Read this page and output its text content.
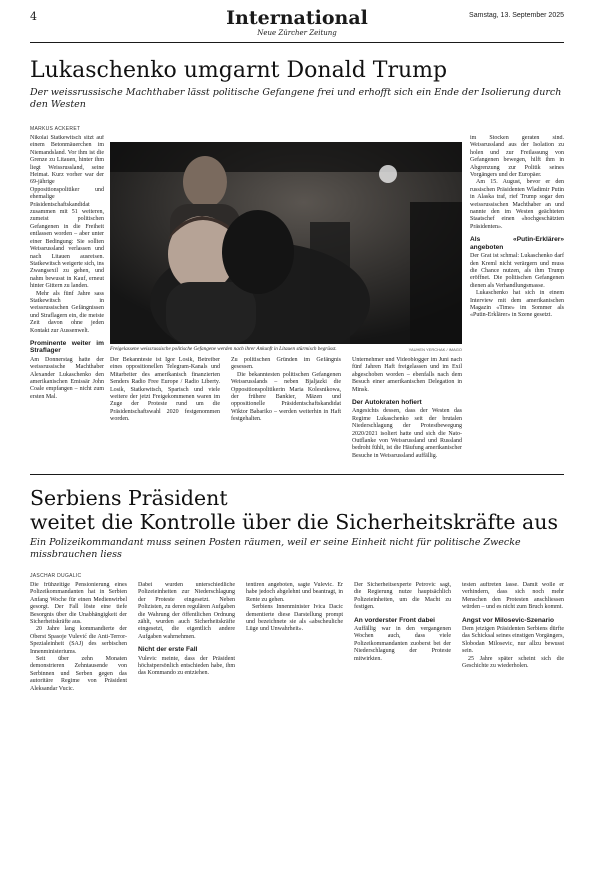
4	International
Neue Zürcher Zeitung
Samstag, 13. September 2025
Lukaschenko umgarnt Donald Trump

Der weissrussische Machthaber lässt politische Gefangene frei und erhofft sich ein Ende der Isolierung durch den Westen

MARKUS ACKERET

Nikolai Statkewitsch sitzt auf einem Betonmäuerchen im Niemandsland. Vor ihm ist die Grenze zu Litauen, hinter ihm liegt Weissrussland, seine Heimat. Kurz vorher war der 69-jährige Oppositionspolitiker und ehemalige Präsidentschaftskandidat zusammen mit 51 weiteren, zumeist politischen Gefangenen in die Freiheit entlassen worden – aber unter einer Bedingung: Sie sollten Weissrussland verlassen und nach Litauen ausreisen. Statkewitsch weigerte sich, ins Zwangsexil zu gehen, und nahm bewusst in Kauf, erneut hinter Gittern zu landen.

Mehr als fünf Jahre sass Statkewitsch in weissrussischen Gefängnissen und Straflagern ein, die meiste Zeit davon ohne jeden Kontakt zur Aussenwelt.

Prominente weiter im Straflager

Am Donnerstag hatte der weissrussische Machthaber Alexander Lukaschenko den amerikanischen Emissär John Coale empfangen – nicht zum ersten Mal.

Freigelassene weissrussische politische Gefangene werden nach ihrer Ankunft in Litauen stürmisch begrüsst.	YAUHEN YERCHAK / IMAGO

Der Bekannteste ist Igor Losik, Betreiber eines oppositionellen Telegram-Kanals und Mitarbeiter des amerikanisch finanzierten Senders Radio Free Europe / Radio Liberty. Losik, Statkewitsch, Sparisch und viele weitere der jetzt Freigekommenen waren im Zuge der Proteste rund um die Präsidentschaftswahl 2020 festgenommen worden.

Zu politischen Gründen im Gefängnis gesessen.

Die bekanntesten politischen Gefangenen Weissrusslands – neben Bjaljazki die Oppositionspolitikerin Maria Kolesnikowa, der frühere Bankier, Mäzen und oppositionelle Präsidentschaftskandidat Wiktor Babariko – werden weiterhin in Haft festgehalten.

Unternehmer und Videoblogger im Juni nach fünf Jahren Haft freigelassen und im Exil abgeschoben worden – ebenfalls nach dem Besuch einer amerikanischen Delegation in Minsk.

Der Autokraten hofiert

Angesichts dessen, dass der Westen das Regime Lukaschenko seit der brutalen Niederschlagung der Protestbewegung 2020/2021 isoliert hatte und sich die Nato-Outflanke von Weissrussland und Russland bedroht fühlt, ist die Häufung amerikanischer Besuche in Weissrussland auffällig.

im Stocken geraten sind. Weissrussland aus der Isolation zu holen und zur Freilassung von Gefangenen bewegen, hilft ihm in Abgrenzung zur Politik seines Vorgängers und der Europäer.

Am 15. August, bevor er den russischen Präsidenten Wladimir Putin in Alaska traf, rief Trump sogar den weissrussischen Machthaber an und nannte den im Westen geächteten Staatschef einen «hochgeschätzten Präsidenten».

Als «Putin-Erklärer» angeboten

Der Grat ist schmal: Lukaschenko darf den Kreml nicht verärgern und muss die Chance nutzen, als ihm Trump eröffnet. Die politischen Gefangenen dienen als Verhandlungsmasse.

Lukaschenko hat sich in einem Interview mit dem amerikanischen Magazin «Time» im Sommer als «Putin-Erklärer» in Szene gesetzt.

Serbiens Präsident
weitet die Kontrolle über die Sicherheitskräfte aus

Ein Polizeikommandant muss seinen Posten räumen, weil er seine Einheit nicht für politische Zwecke missbrauchen liess

JASCHAR DUGALIC

Die frühzeitige Pensionierung eines Polizeikommandanten hat in Serbien Anfang Woche für einen Medienwirbel gesorgt. Der Fall löste eine tiefe Besorgnis über die Unabhängigkeit der Sicherheitskräfte aus.

20 Jahre lang kommandierte der Oberst Spasoje Vulević die Anti-Terror-Spezialeinheit (SAJ) des serbischen Innenministeriums.

Seit über zehn Monaten demonstrieren Zehntausende von Serbinnen und Serben gegen das autoritäre Regime von Präsident Aleksandar Vucic.

Dabei wurden unterschiedliche Polizeieinheiten zur Niederschlagung der Proteste eingesetzt. Neben Polizisten, zu deren regulären Aufgaben die Wahrung der öffentlichen Ordnung zählt, wurden auch Sicherheitskräfte eingesetzt, die eigentlich andere Aufgaben wahrnehmen.

Nicht der erste Fall

Vulevic meinte, dass der Präsident höchstpersönlich entschieden habe, ihm das Kommando zu entziehen.

tentiren angeboten, sagte Vulevic. Er habe jedoch abgelehnt und beantragt, in Rente zu gehen.

Serbiens Innenminister Ivica Dacic dementierte diese Darstellung prompt und bezeichnete sie als «abscheuliche Lüge und Unwahrheit».

Der Sicherheitsexperte Petrovic sagt, die Regierung nutze hauptsächlich Polizeieinheiten, um die Macht zu festigen.

An vorderster Front dabei

Auffällig war in den vergangenen Wochen auch, dass viele Polizeikommandanten zuoberst bei der Niederschlagung der Proteste mitwirkten.

testen auftreten lasse. Damit wolle er verhindern, dass sich noch mehr Menschen den Protesten anschliessen würden – und es nicht zum Bruch kommt.

Angst vor Milosevic-Szenario

Dem jetzigen Präsidenten Serbiens dürfte das Schicksal seines einstigen Vorgängers, Slobodan Milosevic, nur allzu bewusst sein.

25 Jahre später scheint sich die Geschichte zu wiederholen.
